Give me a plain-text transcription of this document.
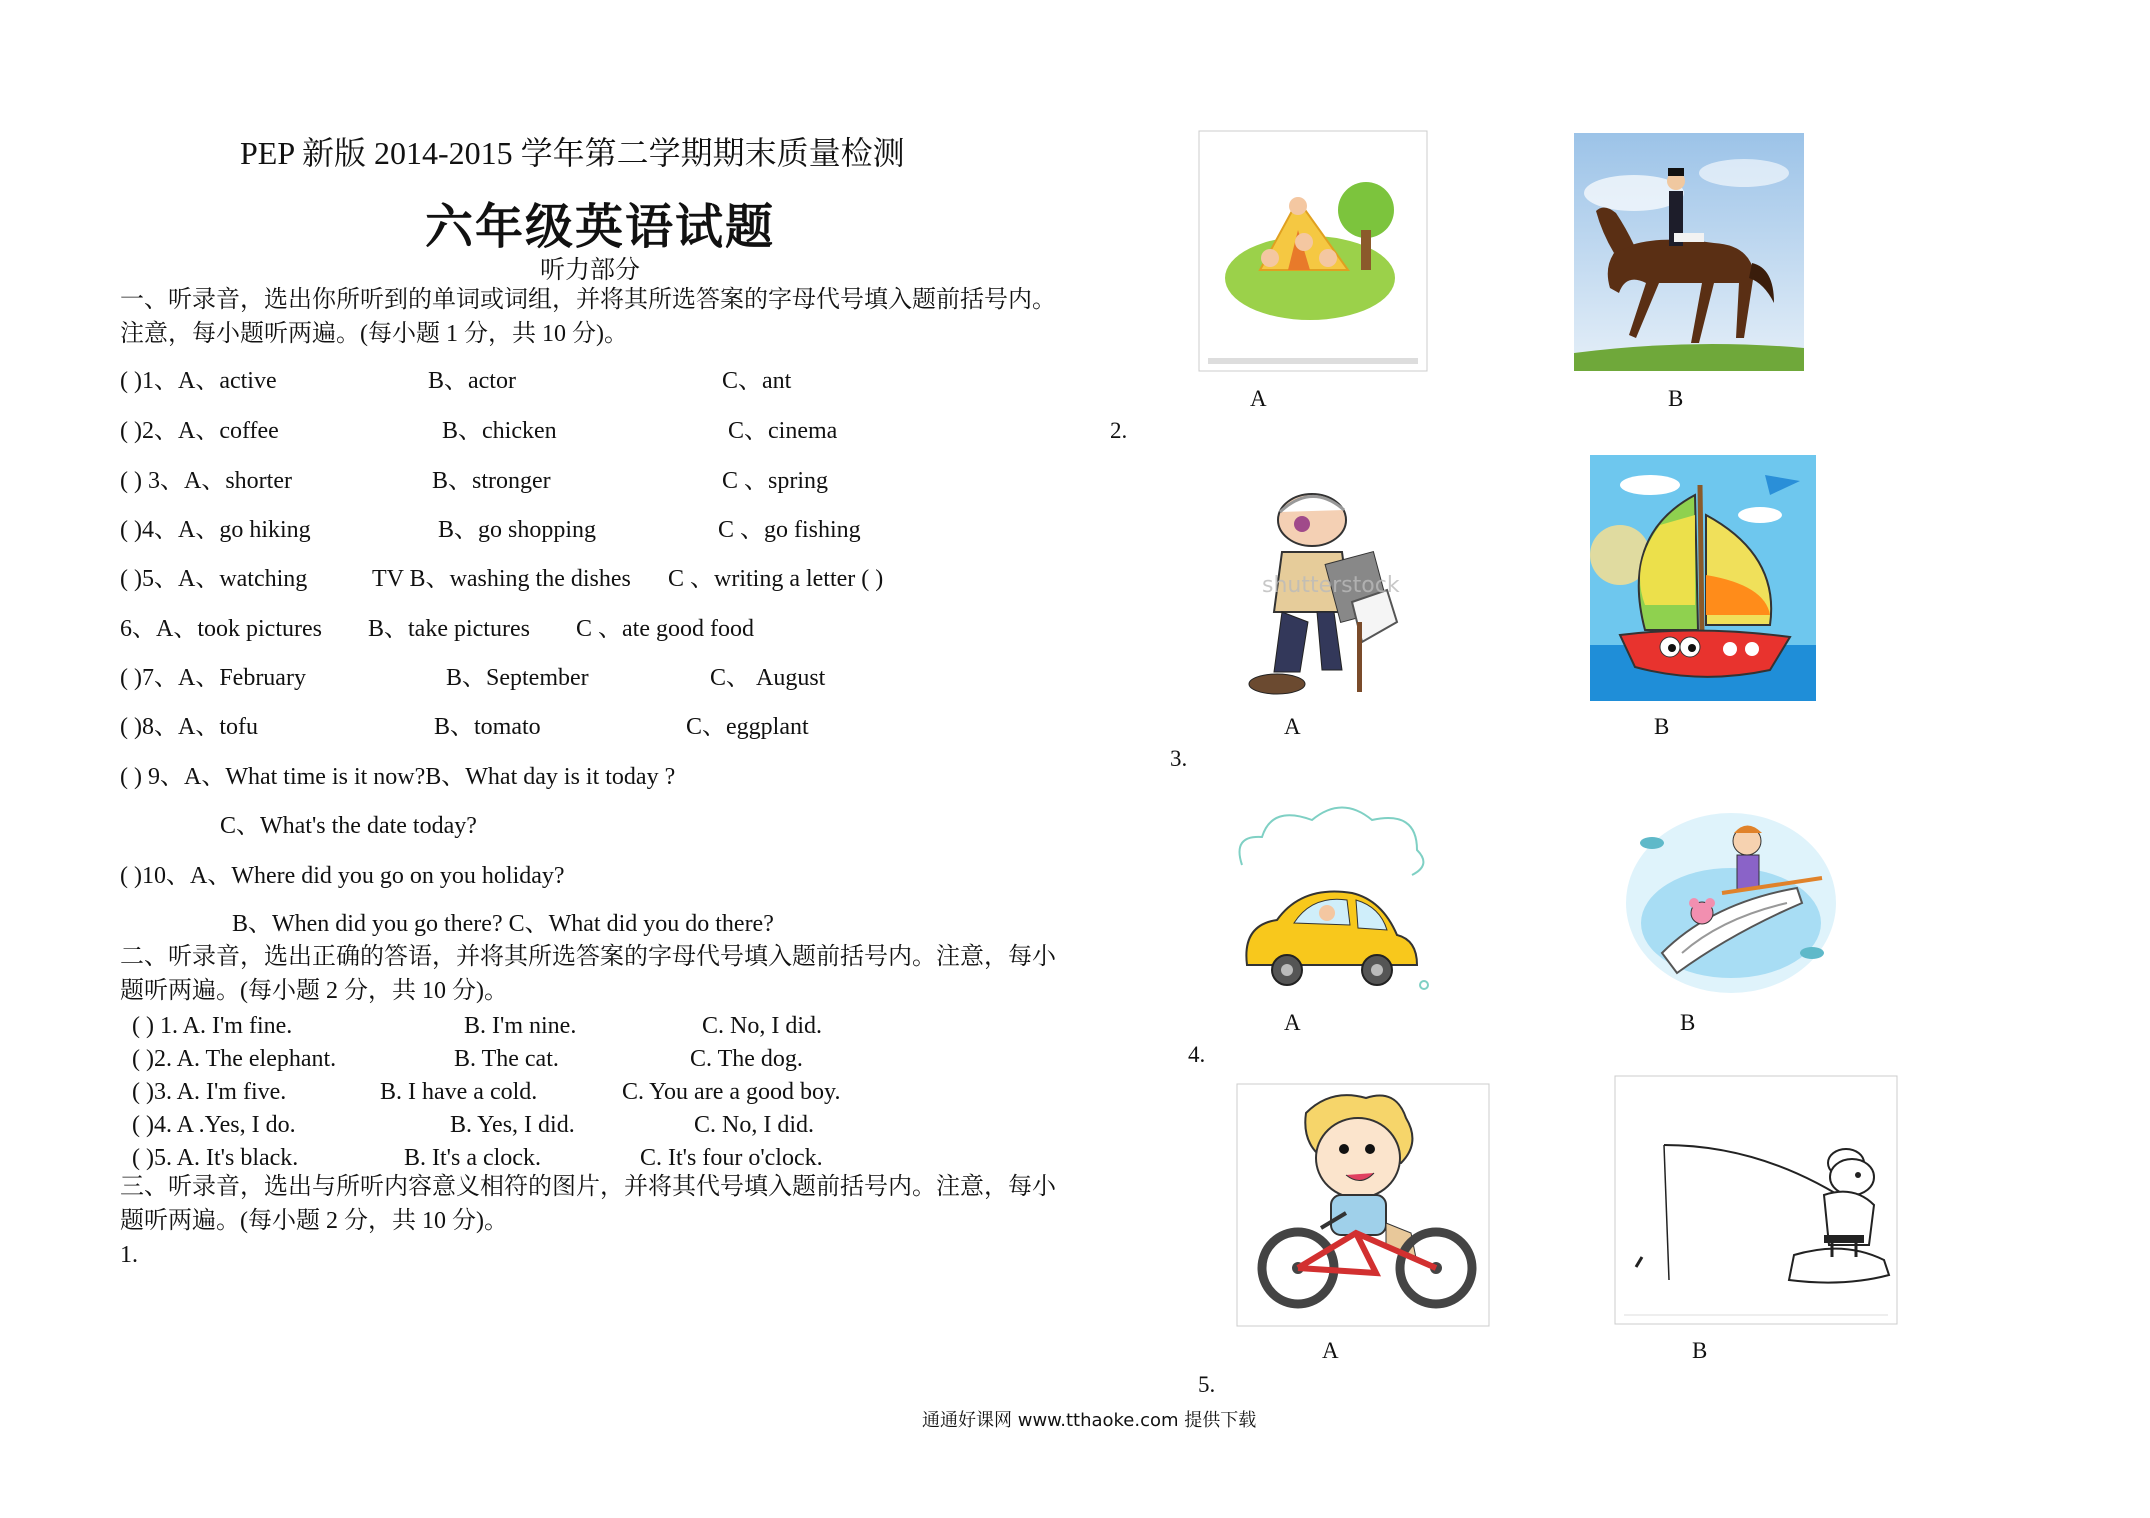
PEP 新版 2014-2015 学年第二学期期末质量检测
六年级英语试题
听力部分
一、听录音，选出你所听到的单词或词组，并将其所选答案的字母代号填入题前括号内。注意，每小题听两遍。(每小题 1 分，共 10 分)。
( )1、A、active	B、actor	C、ant
( )2、A、coffee	B、chicken	C、cinema
( ) 3、A、shorter	B、stronger	C 、spring
( )4、A、go hiking	B、go shopping	C 、go fishing
( )5、A、watching	TV B、washing the dishes C 、writing a letter ( )
6、A、took pictures B、take pictures C 、ate good food
( )7、A、February	B、September	C、 August
( )8、A、tofu	B、tomato	C、eggplant
( ) 9、A、What time is it now?B、What day is it today ?
C、What's the date today?
( )10、A、Where did you go on you holiday?
B、When did you go there? C、What did you do there?
二、听录音，选出正确的答语，并将其所选答案的字母代号填入题前括号内。注意，每小题听两遍。(每小题 2 分，共 10 分)。
( ) 1. A. I'm fine.	B. I'm nine.	C. No, I did.
( )2. A. The elephant.	B. The cat.	C. The dog.
( )3. A. I'm five.	B. I have a cold.	C. You are a good boy.
( )4. A .Yes, I do.	B. Yes, I did.	C. No, I did.
( )5. A. It's black.	B. It's a clock.	C. It's four o'clock.
三、听录音，选出与所听内容意义相符的图片，并将其代号填入题前括号内。注意，每小题听两遍。(每小题 2 分，共 10 分)。
1.
A	B
2.
shutterstock
A	B
3.
A	B
4.
A	B
5.
通通好课网 www.tthaoke.com 提供下载
